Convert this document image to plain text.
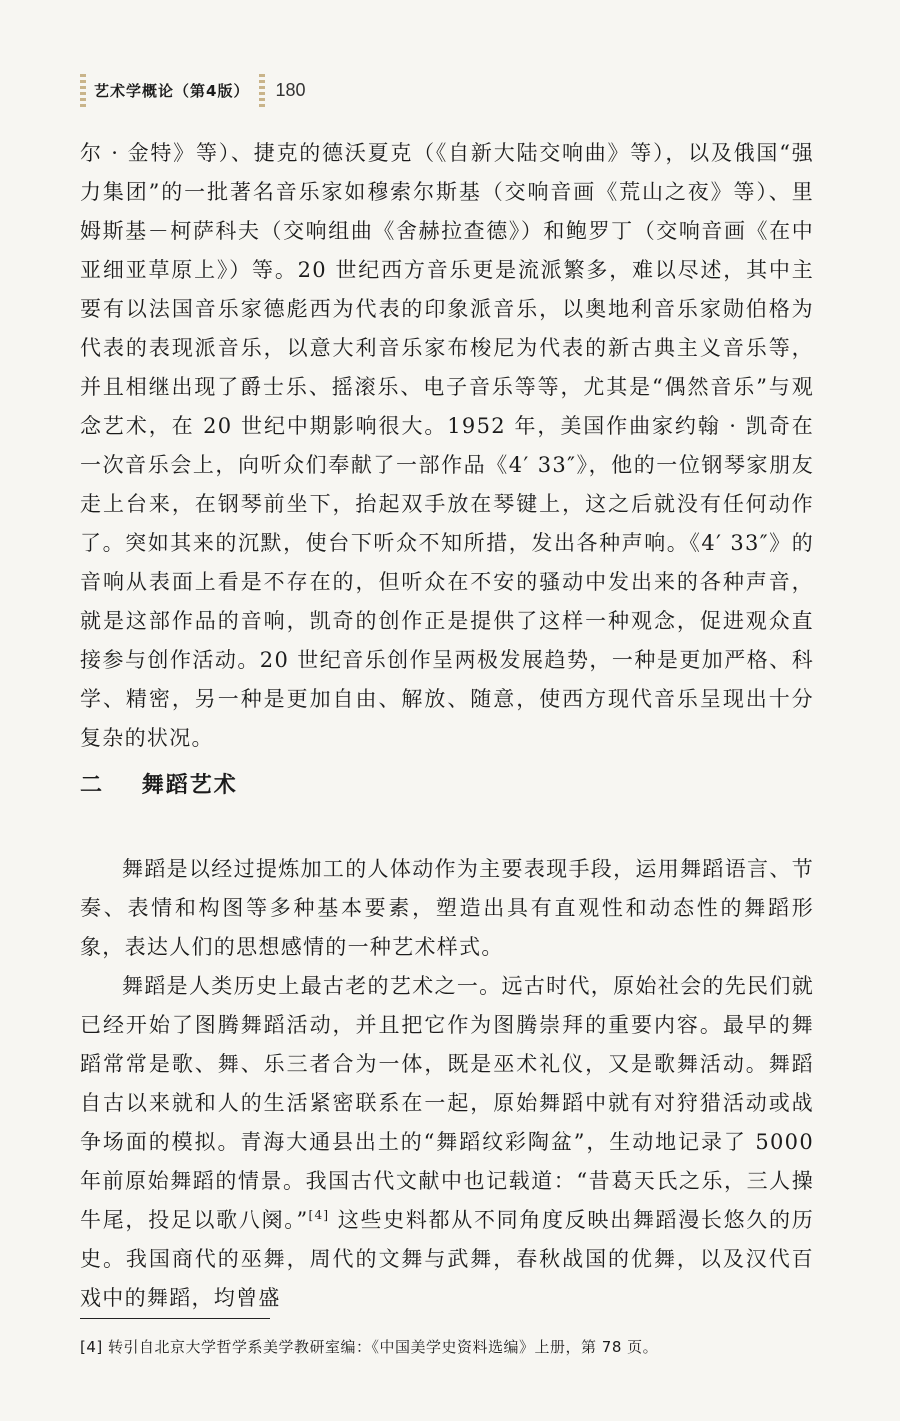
艺术学概论（第4版） 180

尔 · 金特》等）、捷克的德沃夏克（《自新大陆交响曲》等），以及俄国“强力集团”的一批著名音乐家如穆索尔斯基（交响音画《荒山之夜》等）、里姆斯基－柯萨科夫（交响组曲《舍赫拉查德》）和鲍罗丁（交响音画《在中亚细亚草原上》）等。20 世纪西方音乐更是流派繁多，难以尽述，其中主要有以法国音乐家德彪西为代表的印象派音乐，以奥地利音乐家勋伯格为代表的表现派音乐，以意大利音乐家布梭尼为代表的新古典主义音乐等，并且相继出现了爵士乐、摇滚乐、电子音乐等等，尤其是“偶然音乐”与观念艺术，在 20 世纪中期影响很大。1952 年，美国作曲家约翰 · 凯奇在一次音乐会上，向听众们奉献了一部作品《4′ 33″》，他的一位钢琴家朋友走上台来，在钢琴前坐下，抬起双手放在琴键上，这之后就没有任何动作了。突如其来的沉默，使台下听众不知所措，发出各种声响。《4′ 33″》的音响从表面上看是不存在的，但听众在不安的骚动中发出来的各种声音，就是这部作品的音响，凯奇的创作正是提供了这样一种观念，促进观众直接参与创作活动。20 世纪音乐创作呈两极发展趋势，一种是更加严格、科学、精密，另一种是更加自由、解放、随意，使西方现代音乐呈现出十分复杂的状况。

二 舞蹈艺术

舞蹈是以经过提炼加工的人体动作为主要表现手段，运用舞蹈语言、节奏、表情和构图等多种基本要素，塑造出具有直观性和动态性的舞蹈形象，表达人们的思想感情的一种艺术样式。

舞蹈是人类历史上最古老的艺术之一。远古时代，原始社会的先民们就已经开始了图腾舞蹈活动，并且把它作为图腾崇拜的重要内容。最早的舞蹈常常是歌、舞、乐三者合为一体，既是巫术礼仪，又是歌舞活动。舞蹈自古以来就和人的生活紧密联系在一起，原始舞蹈中就有对狩猎活动或战争场面的模拟。青海大通县出土的“舞蹈纹彩陶盆”，生动地记录了 5000 年前原始舞蹈的情景。我国古代文献中也记载道：“昔葛天氏之乐，三人操牛尾，投足以歌八阕。”[4] 这些史料都从不同角度反映出舞蹈漫长悠久的历史。我国商代的巫舞，周代的文舞与武舞，春秋战国的优舞，以及汉代百戏中的舞蹈，均曾盛

[4] 转引自北京大学哲学系美学教研室编：《中国美学史资料选编》上册，第 78 页。
